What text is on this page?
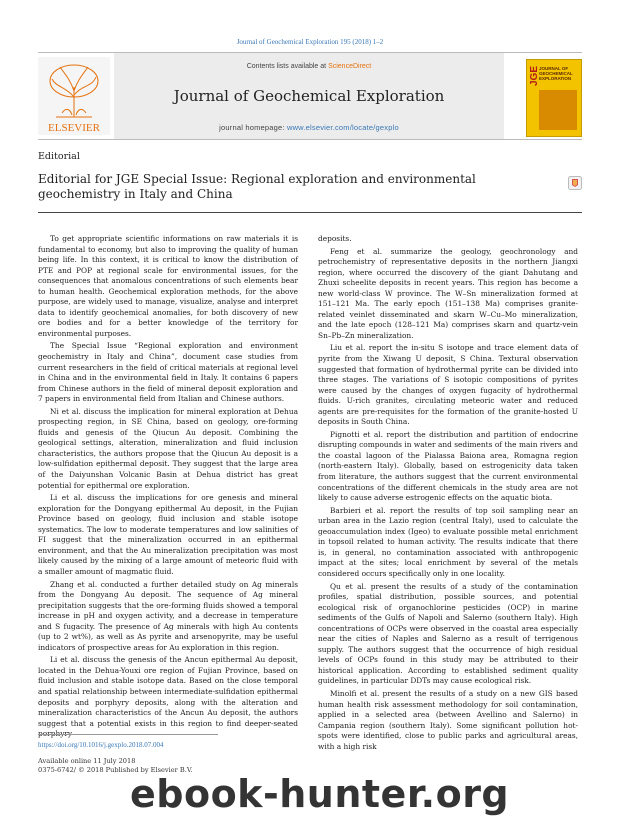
Journal of Geochemical Exploration 195 (2018) 1–2
ELSEVIER
Contents lists available at ScienceDirect
Journal of Geochemical Exploration
journal homepage: www.elsevier.com/locate/gexplo
JGE JOURNAL OF GEOCHEMICAL EXPLORATION
Editorial
Editorial for JGE Special Issue: Regional exploration and environmental geochemistry in Italy and China

To get appropriate scientific informations on raw materials it is fundamental to economy, but also to improving the quality of human being life. In this context, it is critical to know the distribution of PTE and POP at regional scale for environmental issues, for the consequences that anomalous concentrations of such elements bear to human health. Geochemical exploration methods, for the above purpose, are widely used to manage, visualize, analyse and interpret data to identify geochemical anomalies, for both discovery of new ore bodies and for a better knowledge of the territory for environmental purposes.

The Special Issue “Regional exploration and environment geochemistry in Italy and China”, document case studies from current researchers in the field of critical materials at regional level in China and in the environmental field in Italy. It contains 6 papers from Chinese authors in the field of mineral deposit exploration and 7 papers in environmental field from Italian and Chinese authors.

Ni et al. discuss the implication for mineral exploration at Dehua prospecting region, in SE China, based on geology, ore-forming fluids and genesis of the Qiucun Au deposit. Combining the geological settings, alteration, mineralization and fluid inclusion characteristics, the authors propose that the Qiucun Au deposit is a low-sulfidation epithermal deposit. They suggest that the large area of the Daiyunshan Volcanic Basin at Dehua district has great potential for epithermal ore exploration.

Li et al. discuss the implications for ore genesis and mineral exploration for the Dongyang epithermal Au deposit, in the Fujian Province based on geology, fluid inclusion and stable isotope systematics. The low to moderate temperatures and low salinities of FI suggest that the mineralization occurred in an epithermal environment, and that the Au mineralization precipitation was most likely caused by the mixing of a large amount of meteoric fluid with a smaller amount of magmatic fluid.

Zhang et al. conducted a further detailed study on Ag minerals from the Dongyang Au deposit. The sequence of Ag mineral precipitation suggests that the ore-forming fluids showed a temporal increase in pH and oxygen activity, and a decrease in temperature and S fugacity. The presence of Ag minerals with high Au contents (up to 2 wt%), as well as As pyrite and arsenopyrite, may be useful indicators of prospective areas for Au exploration in this region.

Li et al. discuss the genesis of the Ancun epithermal Au deposit, located in the Dehua-Youxi ore region of Fujian Province, based on fluid inclusion and stable isotope data. Based on the close temporal and spatial relationship between intermediate-sulfidation epithermal deposits and porphyry deposits, along with the alteration and mineralization characteristics of the Ancun Au deposit, the authors suggest that a potential exists in this region to find deeper-seated porphyry

deposits.

Feng et al. summarize the geology, geochronology and petrochemistry of representative deposits in the northern Jiangxi region, where occurred the discovery of the giant Dahutang and Zhuxi scheelite deposits in recent years. This region has become a new world-class W province. The W–Sn mineralization formed at 151–121 Ma. The early epoch (151–138 Ma) comprises granite-related veinlet disseminated and skarn W–Cu–Mo mineralization, and the late epoch (128–121 Ma) comprises skarn and quartz-vein Sn–Pb–Zn mineralization.

Liu et al. report the in-situ S isotope and trace element data of pyrite from the Xiwang U deposit, S China. Textural observation suggested that formation of hydrothermal pyrite can be divided into three stages. The variations of S isotopic compositions of pyrites were caused by the changes of oxygen fugacity of hydrothermal fluids. U-rich granites, circulating meteoric water and reduced agents are pre-requisites for the formation of the granite-hosted U deposits in South China.

Pignotti et al. report the distribution and partition of endocrine disrupting compounds in water and sediments of the main rivers and the coastal lagoon of the Pialassa Baiona area, Romagna region (north-eastern Italy). Globally, based on estrogenicity data taken from literature, the authors suggest that the current environmental concentrations of the different chemicals in the study area are not likely to cause adverse estrogenic effects on the aquatic biota.

Barbieri et al. report the results of top soil sampling near an urban area in the Lazio region (central Italy), used to calculate the geoaccumulation index (Igeo) to evaluate possible metal enrichment in topsoil related to human activity. The results indicate that there is, in general, no contamination associated with anthropogenic impact at the sites; local enrichment by several of the metals considered occurs specifically only in one locality.

Qu et al. present the results of a study of the contamination profiles, spatial distribution, possible sources, and potential ecological risk of organochlorine pesticides (OCP) in marine sediments of the Gulfs of Napoli and Salerno (southern Italy). High concentrations of OCPs were observed in the coastal area especially near the cities of Naples and Salerno as a result of terrigenous supply. The authors suggest that the occurrence of high residual levels of OCPs found in this study may be attributed to their historical application. According to established sediment quality guidelines, in particular DDTs may cause ecological risk.

Minolfi et al. present the results of a study on a new GIS based human health risk assessment methodology for soil contamination, applied in a selected area (between Avellino and Salerno) in Campania region (southern Italy). Some significant pollution hot-spots were identified, close to public parks and agricultural areas, with a high risk

https://doi.org/10.1016/j.gexplo.2018.07.004
Available online 11 July 2018
0375-6742/ © 2018 Published by Elsevier B.V.
ebook-hunter.org
